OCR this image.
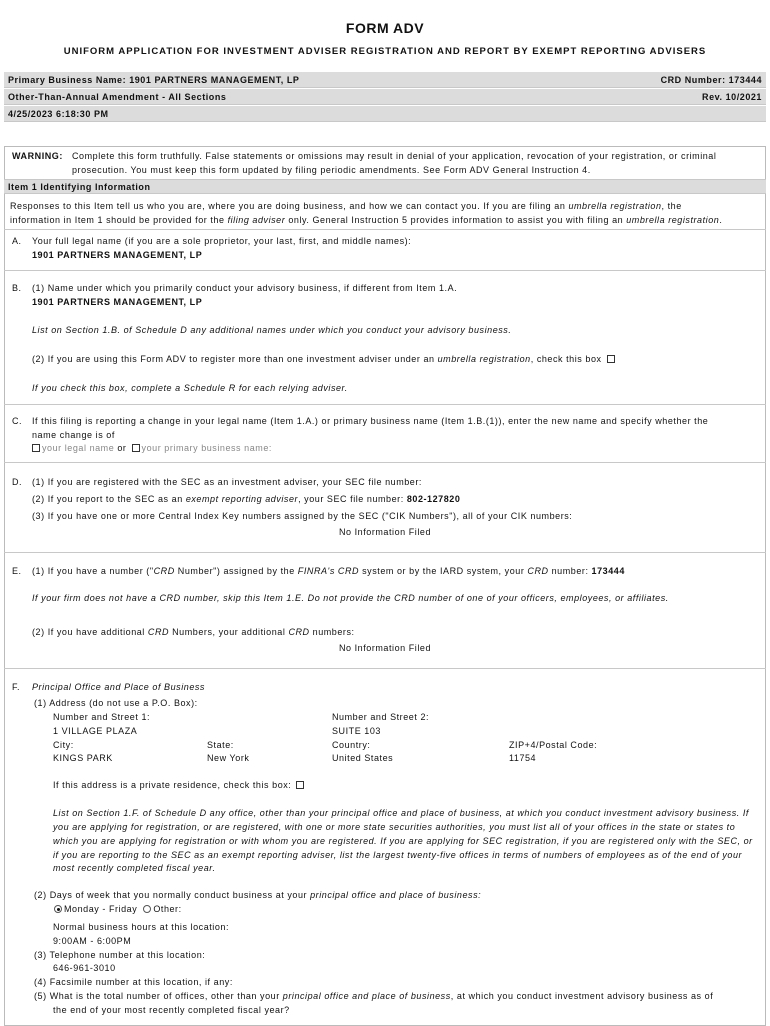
FORM ADV
UNIFORM APPLICATION FOR INVESTMENT ADVISER REGISTRATION AND REPORT BY EXEMPT REPORTING ADVISERS
Primary Business Name: 1901 PARTNERS MANAGEMENT, LP	CRD Number: 173444
Other-Than-Annual Amendment - All Sections	Rev. 10/2021
4/25/2023 6:18:30 PM
WARNING: Complete this form truthfully. False statements or omissions may result in denial of your application, revocation of your registration, or criminal
prosecution. You must keep this form updated by filing periodic amendments. See Form ADV General Instruction 4.
Item 1 Identifying Information
Responses to this Item tell us who you are, where you are doing business, and how we can contact you. If you are filing an umbrella registration, the
information in Item 1 should be provided for the filing adviser only. General Instruction 5 provides information to assist you with filing an umbrella registration.
A. Your full legal name (if you are a sole proprietor, your last, first, and middle names):
1901 PARTNERS MANAGEMENT, LP
B. (1) Name under which you primarily conduct your advisory business, if different from Item 1.A.
1901 PARTNERS MANAGEMENT, LP
List on Section 1.B. of Schedule D any additional names under which you conduct your advisory business.
(2) If you are using this Form ADV to register more than one investment adviser under an umbrella registration, check this box
If you check this box, complete a Schedule R for each relying adviser.
C. If this filing is reporting a change in your legal name (Item 1.A.) or primary business name (Item 1.B.(1)), enter the new name and specify whether the
name change is of
your legal name or your primary business name:
D. (1) If you are registered with the SEC as an investment adviser, your SEC file number:
(2) If you report to the SEC as an exempt reporting adviser, your SEC file number: 802-127820
(3) If you have one or more Central Index Key numbers assigned by the SEC ("CIK Numbers"), all of your CIK numbers:
No Information Filed
E. (1) If you have a number ("CRD Number") assigned by the FINRA's CRD system or by the IARD system, your CRD number: 173444
If your firm does not have a CRD number, skip this Item 1.E. Do not provide the CRD number of one of your officers, employees, or affiliates.
(2) If you have additional CRD Numbers, your additional CRD numbers:
No Information Filed
F. Principal Office and Place of Business
(1) Address (do not use a P.O. Box):
Number and Street 1:
1 VILLAGE PLAZA
Number and Street 2:
SUITE 103
City:
KINGS PARK
State:
New York
Country:
United States
ZIP+4/Postal Code:
11754
If this address is a private residence, check this box:
List on Section 1.F. of Schedule D any office, other than your principal office and place of business, at which you conduct investment advisory business. If
you are applying for registration, or are registered, with one or more state securities authorities, you must list all of your offices in the state or states to
which you are applying for registration or with whom you are registered. If you are applying for SEC registration, if you are registered only with the SEC, or
if you are reporting to the SEC as an exempt reporting adviser, list the largest twenty-five offices in terms of numbers of employees as of the end of your
most recently completed fiscal year.
(2) Days of week that you normally conduct business at your principal office and place of business:
Monday - Friday Other:
Normal business hours at this location:
9:00AM - 6:00PM
(3) Telephone number at this location:
646-961-3010
(4) Facsimile number at this location, if any:
(5) What is the total number of offices, other than your principal office and place of business, at which you conduct investment advisory business as of
the end of your most recently completed fiscal year?
